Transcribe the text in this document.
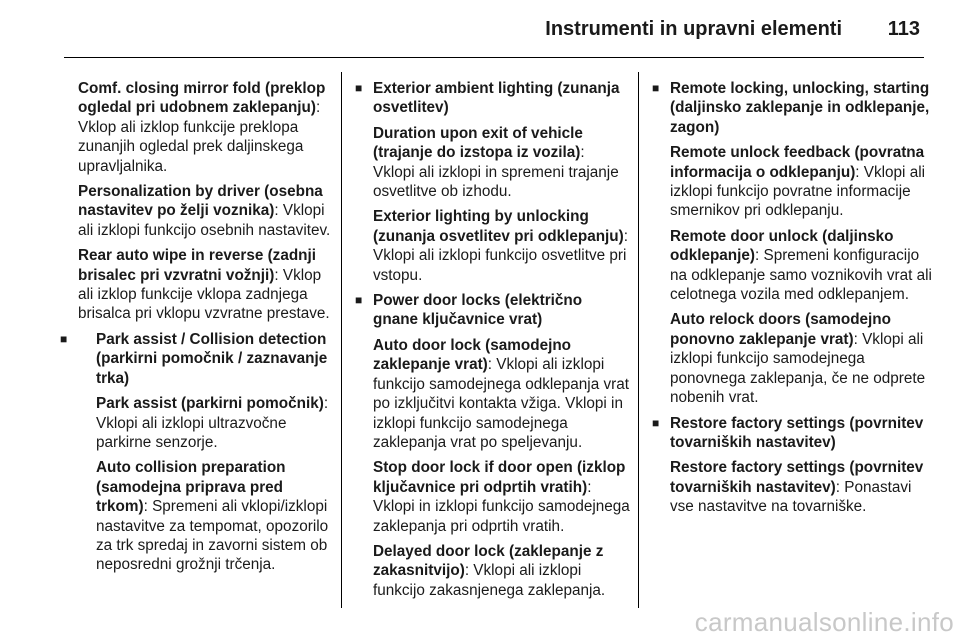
Instrumenti in upravni elementi 113
Comf. closing mirror fold (preklop ogledal pri udobnem zaklepanju): Vklop ali izklop funkcije preklopa zunanjih ogledal prek daljinskega upravljalnika.
Personalization by driver (osebna nastavitev po želji voznika): Vklopi ali izklopi funkcijo osebnih nastavitev.
Rear auto wipe in reverse (zadnji brisalec pri vzvratni vožnji): Vklop ali izklop funkcije vklopa zadnjega brisalca pri vklopu vzvratne prestave.
■	Park assist / Collision detection (parkirni pomočnik / zaznavanje trka)
Park assist (parkirni pomočnik): Vklopi ali izklopi ultrazvočne parkirne senzorje.
Auto collision preparation (samodejna priprava pred trkom): Spremeni ali vklopi/izklopi nastavitve za tempomat, opozorilo za trk spredaj in zavorni sistem ob neposredni grožnji trčenja.
■ Exterior ambient lighting (zunanja osvetlitev)
Duration upon exit of vehicle (trajanje do izstopa iz vozila): Vklopi ali izklopi in spremeni trajanje osvetlitve ob izhodu.
Exterior lighting by unlocking (zunanja osvetlitev pri odklepanju): Vklopi ali izklopi funkcijo osvetlitve pri vstopu.
■ Power door locks (električno gnane ključavnice vrat)
Auto door lock (samodejno zaklepanje vrat): Vklopi ali izklopi funkcijo samodejnega odklepanja vrat po izključitvi kontakta vžiga. Vklopi in izklopi funkcijo samodejnega zaklepanja vrat po speljevanju.
Stop door lock if door open (izklop ključavnice pri odprtih vratih): Vklopi in izklopi funkcijo samodejnega zaklepanja pri odprtih vratih.
Delayed door lock (zaklepanje z zakasnitvijo): Vklopi ali izklopi funkcijo zakasnjenega zaklepanja.
■ Remote locking, unlocking, starting (daljinsko zaklepanje in odklepanje, zagon)
Remote unlock feedback (povratna informacija o odklepanju): Vklopi ali izklopi funkcijo povratne informacije smernikov pri odklepanju.
Remote door unlock (daljinsko odklepanje): Spremeni konfiguracijo na odklepanje samo voznikovih vrat ali celotnega vozila med odklepanjem.
Auto relock doors (samodejno ponovno zaklepanje vrat): Vklopi ali izklopi funkcijo samodejnega ponovnega zaklepanja, če ne odprete nobenih vrat.
■ Restore factory settings (povrnitev tovarniških nastavitev)
Restore factory settings (povrnitev tovarniških nastavitev): Ponastavi vse nastavitve na tovarniške.
carmanualsonline.info
